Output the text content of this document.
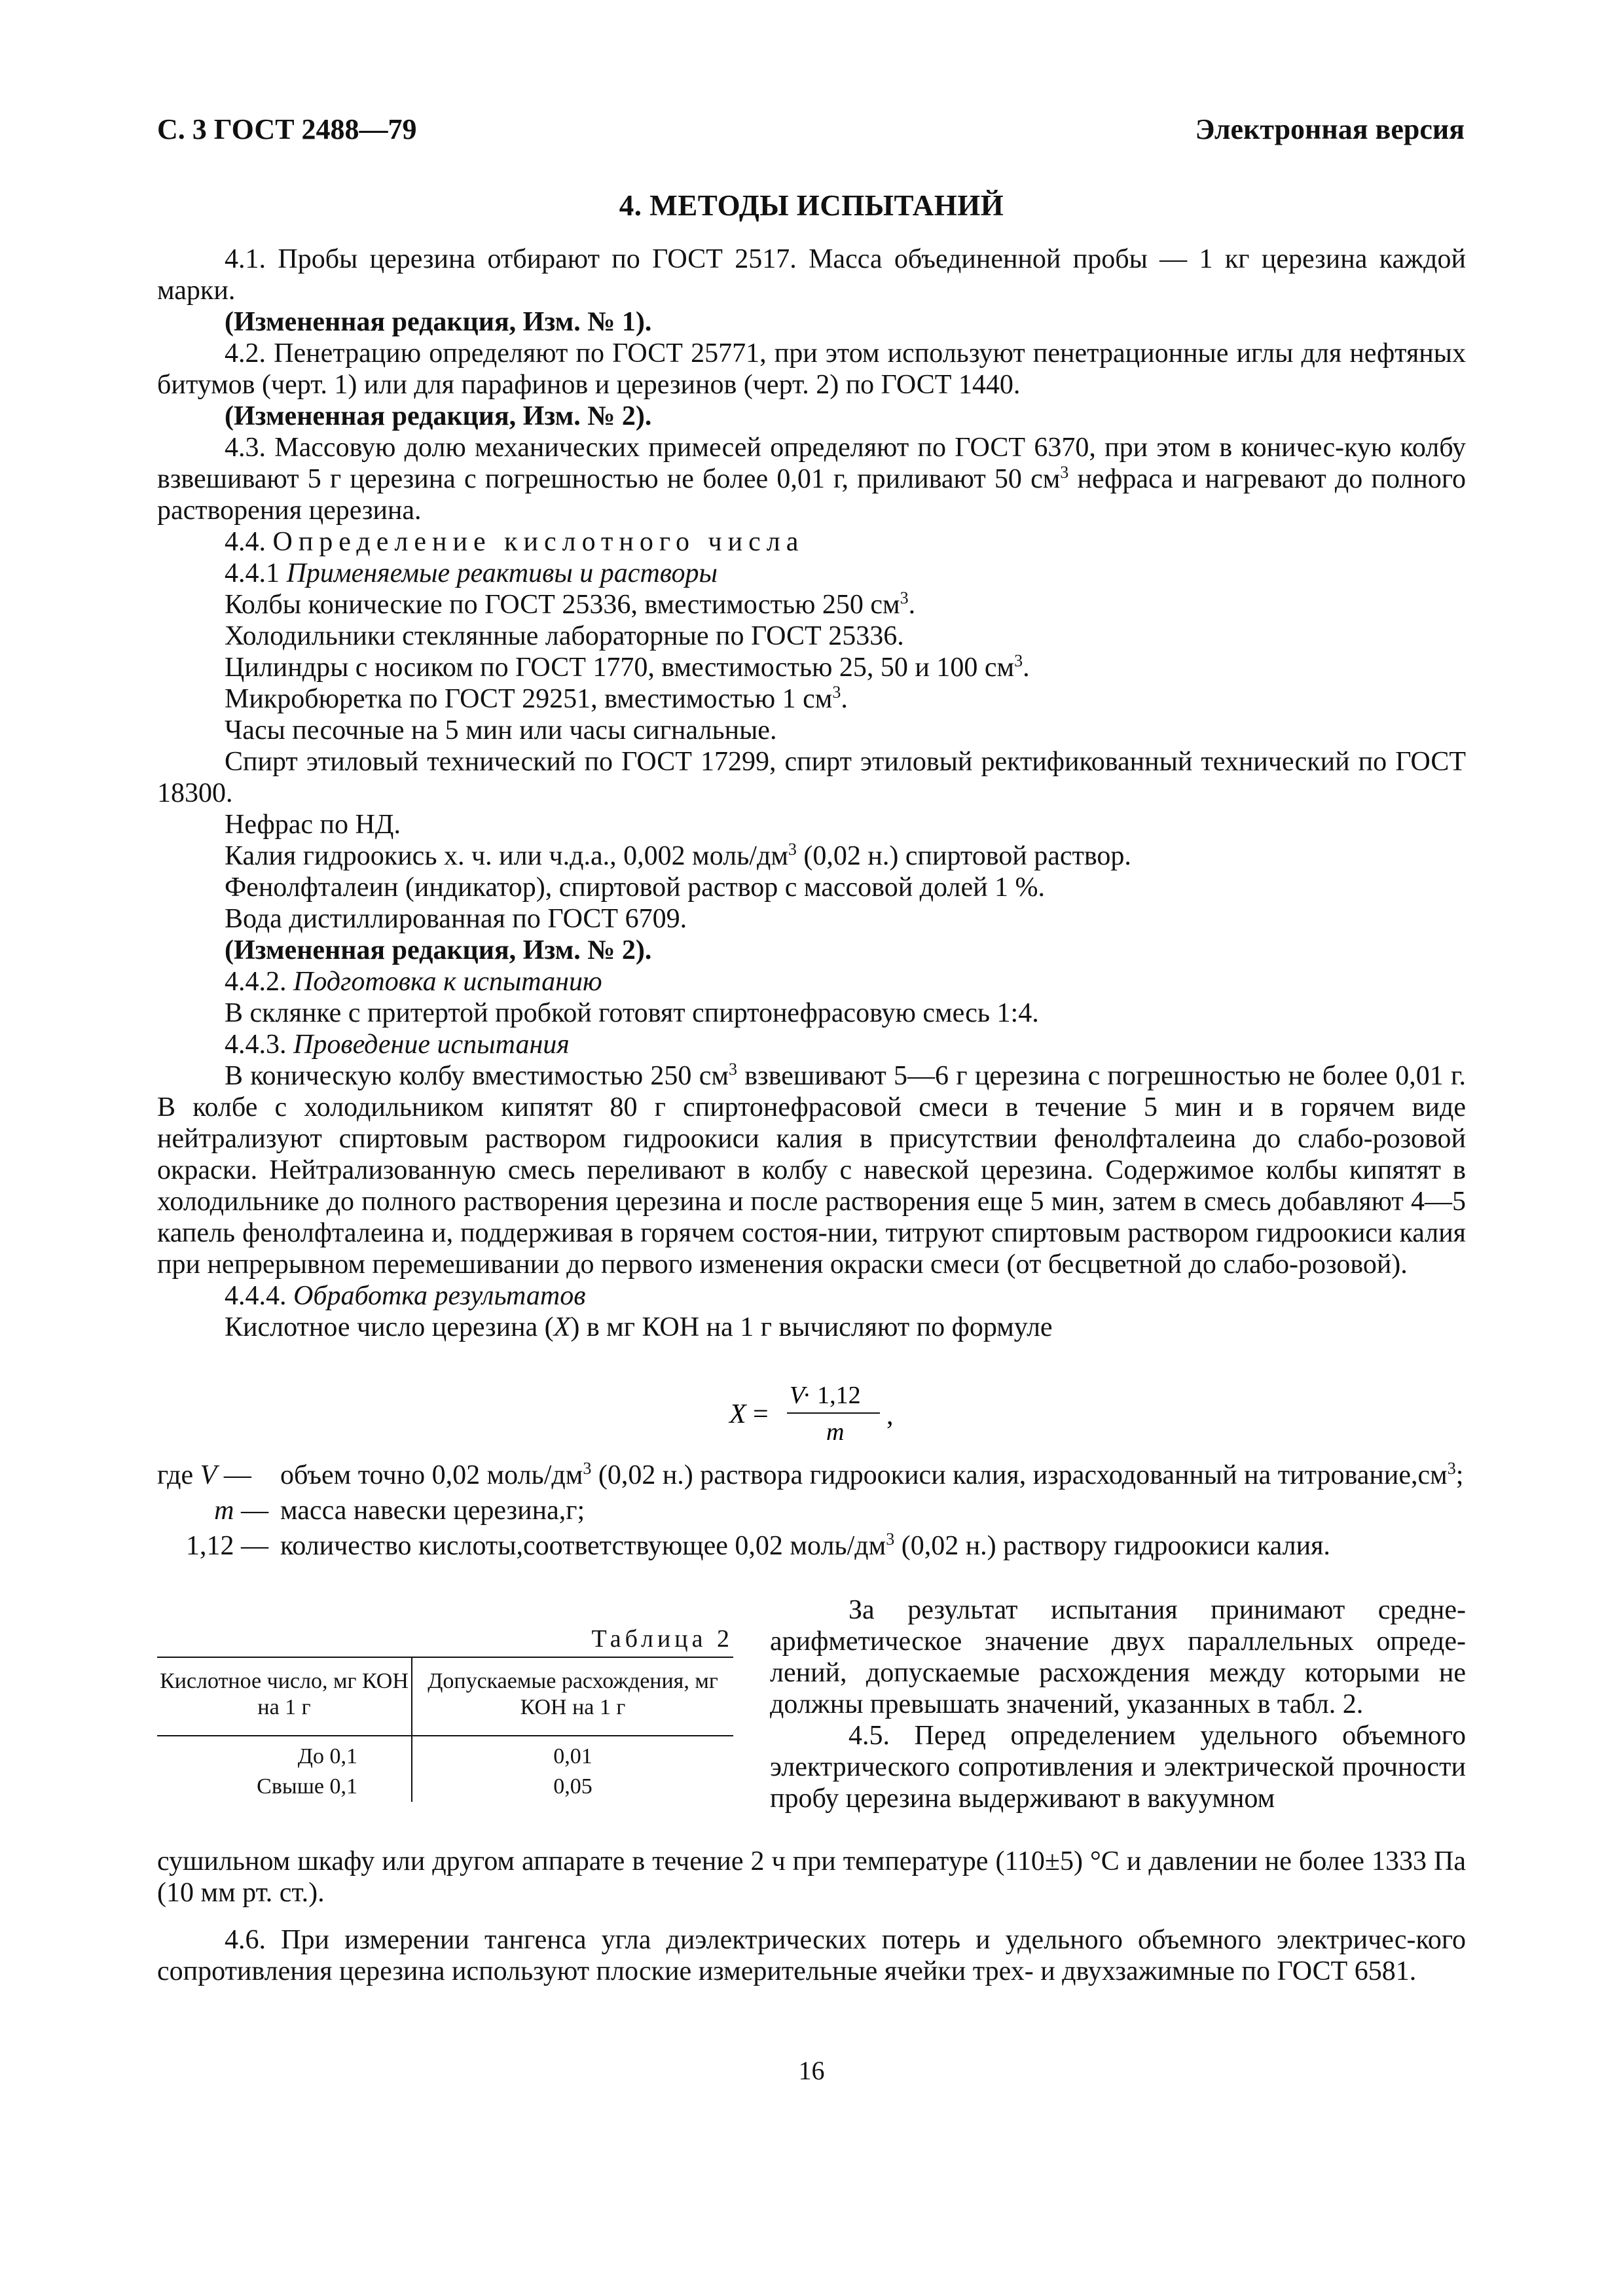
С. 3 ГОСТ 2488—79	Электронная версия
4. МЕТОДЫ ИСПЫТАНИЙ

4.1. Пробы церезина отбирают по ГОСТ 2517. Масса объединенной пробы — 1 кг церезина каждой марки.

(Измененная редакция, Изм. № 1).

4.2. Пенетрацию определяют по ГОСТ 25771, при этом используют пенетрационные иглы для нефтяных битумов (черт. 1) или для парафинов и церезинов (черт. 2) по ГОСТ 1440.

(Измененная редакция, Изм. № 2).

4.3. Массовую долю механических примесей определяют по ГОСТ 6370, при этом в коничес-кую колбу взвешивают 5 г церезина с погрешностью не более 0,01 г, приливают 50 $см^3$ нефраса и нагревают до полного растворения церезина.

4.4. Определение кислотного числа

4.4.1 Применяемые реактивы и растворы

Колбы конические по ГОСТ 25336, вместимостью 250 $см^3$.

Холодильники стеклянные лабораторные по ГОСТ 25336.

Цилиндры с носиком по ГОСТ 1770, вместимостью 25, 50 и 100 $см^3$.

Микробюретка по ГОСТ 29251, вместимостью 1 $см^3$.

Часы песочные на 5 мин или часы сигнальные.

Спирт этиловый технический по ГОСТ 17299, спирт этиловый ректификованный технический по ГОСТ 18300.

Нефрас по НД.

Калия гидроокись х. ч. или ч.д.а., 0,002 моль/$дм^3$ (0,02 н.) спиртовой раствор.

Фенолфталеин (индикатор), спиртовой раствор с массовой долей 1 %.

Вода дистиллированная по ГОСТ 6709.

(Измененная редакция, Изм. № 2).

4.4.2. Подготовка к испытанию

В склянке с притертой пробкой готовят спиртонефрасовую смесь 1:4.

4.4.3. Проведение испытания

В коническую колбу вместимостью 250 $см^3$ взвешивают 5—6 г церезина с погрешностью не более 0,01 г. В колбе с холодильником кипятят 80 г спиртонефрасовой смеси в течение 5 мин и в горячем виде нейтрализуют спиртовым раствором гидроокиси калия в присутствии фенолфталеина до слабо-розовой окраски. Нейтрализованную смесь переливают в колбу с навеской церезина. Содержимое колбы кипятят в холодильнике до полного растворения церезина и после растворения еще 5 мин, затем в смесь добавляют 4—5 капель фенолфталеина и, поддерживая в горячем состоя-нии, титруют спиртовым раствором гидроокиси калия при непрерывном перемешивании до первого изменения окраски смеси (от бесцветной до слабо-розовой).

4.4.4. Обработка результатов

Кислотное число церезина (X) в мг КОН на 1 г вычисляют по формуле

X =
V
· 1,12
m
,
где V —	объем точно 0,02 моль/$дм^3$ (0,02 н.) раствора гидроокиси калия, израсходованный на $титрование,см^3$;
m — масса навески церезина,г;
1,12 — количество кислоты,соответствующее 0,02 моль/$дм^3$ (0,02 н.) раствору гидроокиси калия.
Таблица 2
Кислотное число, мг КОН на 1 г	Допускаемые расхождения, мг КОН на 1 г
До 0,1	0,01
Свыше 0,1	0,05

За результат испытания принимают средне-арифметическое значение двух параллельных опреде-лений, допускаемые расхождения между которыми не должны превышать значений, указанных в табл. 2.

4.5. Перед определением удельного объемного электрического сопротивления и электрической прочности пробу церезина выдерживают в вакуумном

сушильном шкафу или другом аппарате в течение 2 ч при температуре (110±5) °С и давлении не более 1333 Па (10 мм рт. ст.).

4.6. При измерении тангенса угла диэлектрических потерь и удельного объемного электричес-кого сопротивления церезина используют плоские измерительные ячейки трех- и двухзажимные по ГОСТ 6581.

16
